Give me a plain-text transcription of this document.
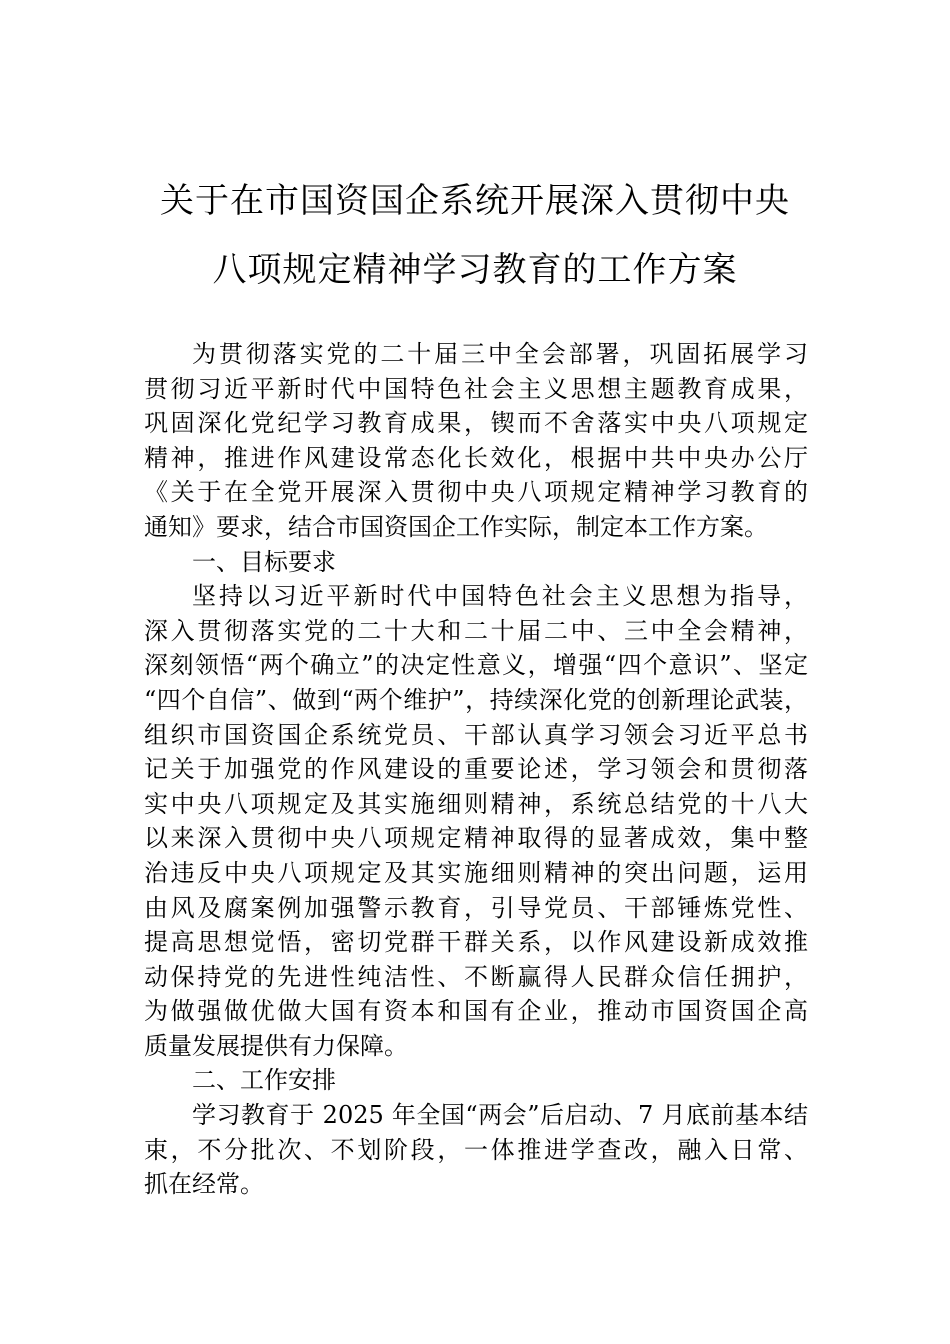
关于在市国资国企系统开展深入贯彻中央
八项规定精神学习教育的工作方案
为贯彻落实党的二十届三中全会部署，巩固拓展学习
贯彻习近平新时代中国特色社会主义思想主题教育成果，
巩固深化党纪学习教育成果，锲而不舍落实中央八项规定
精神，推进作风建设常态化长效化，根据中共中央办公厅
《关于在全党开展深入贯彻中央八项规定精神学习教育的
通知》要求，结合市国资国企工作实际，制定本工作方案。
一、目标要求
坚持以习近平新时代中国特色社会主义思想为指导，
深入贯彻落实党的二十大和二十届二中、三中全会精神，
深刻领悟“两个确立”的决定性意义，增强“四个意识”、坚定
“四个自信”、做到“两个维护”，持续深化党的创新理论武装，
组织市国资国企系统党员、干部认真学习领会习近平总书
记关于加强党的作风建设的重要论述，学习领会和贯彻落
实中央八项规定及其实施细则精神，系统总结党的十八大
以来深入贯彻中央八项规定精神取得的显著成效，集中整
治违反中央八项规定及其实施细则精神的突出问题，运用
由风及腐案例加强警示教育，引导党员、干部锤炼党性、
提高思想觉悟，密切党群干群关系，以作风建设新成效推
动保持党的先进性纯洁性、不断赢得人民群众信任拥护，
为做强做优做大国有资本和国有企业，推动市国资国企高
质量发展提供有力保障。
二、工作安排
学习教育于 2025 年全国“两会”后启动、7 月底前基本结
束，不分批次、不划阶段，一体推进学查改，融入日常、
抓在经常。
